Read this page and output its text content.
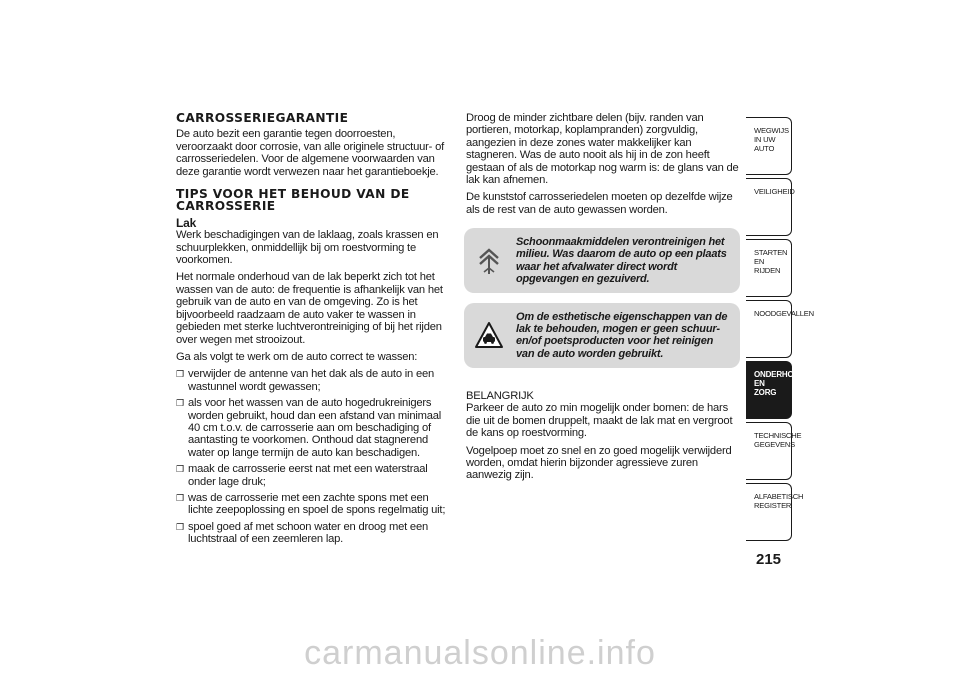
CARROSSERIEGARANTIE

De auto bezit een garantie tegen doorroesten, veroorzaakt door corrosie, van alle originele structuur- of carrosseriedelen. Voor de algemene voorwaarden van deze garantie wordt verwezen naar het garantieboekje.

TIPS VOOR HET BEHOUD VAN DE CARROSSERIE
Lak

Werk beschadigingen van de laklaag, zoals krassen en schuurplekken, onmiddellijk bij om roestvorming te voorkomen.

Het normale onderhoud van de lak beperkt zich tot het wassen van de auto: de frequentie is afhankelijk van het gebruik van de auto en van de omgeving. Zo is het bijvoorbeeld raadzaam de auto vaker te wassen in gebieden met sterke luchtverontreiniging of bij het rijden over wegen met strooizout.

Ga als volgt te werk om de auto correct te wassen:

❒ verwijder de antenne van het dak als de auto in een wastunnel wordt gewassen;
❒ als voor het wassen van de auto hogedrukreinigers worden gebruikt, houd dan een afstand van minimaal 40 cm t.o.v. de carrosserie aan om beschadiging of aantasting te voorkomen. Onthoud dat stagnerend water op lange termijn de auto kan beschadigen.
❒ maak de carrosserie eerst nat met een waterstraal onder lage druk;
❒ was de carrosserie met een zachte spons met een lichte zeepoplossing en spoel de spons regelmatig uit;
❒ spoel goed af met schoon water en droog met een luchtstraal of een zeemleren lap.

Droog de minder zichtbare delen (bijv. randen van portieren, motorkap, koplampranden) zorgvuldig, aangezien in deze zones water makkelijker kan stagneren. Was de auto nooit als hij in de zon heeft gestaan of als de motorkap nog warm is: de glans van de lak kan afnemen.

De kunststof carrosseriedelen moeten op dezelfde wijze als de rest van de auto gewassen worden.

Schoonmaakmiddelen verontreinigen het milieu. Was daarom de auto op een plaats waar het afvalwater direct wordt opgevangen en gezuiverd.
Om de esthetische eigenschappen van de lak te behouden, mogen er geen schuur- en/of poetsproducten voor het reinigen van de auto worden gebruikt.

BELANGRIJK

Parkeer de auto zo min mogelijk onder bomen: de hars die uit de bomen druppelt, maakt de lak mat en vergroot de kans op roestvorming.

Vogelpoep moet zo snel en zo goed mogelijk verwijderd worden, omdat hierin bijzonder agressieve zuren aanwezig zijn.

WEGWIJS IN UW AUTO
VEILIGHEID
STARTEN EN RIJDEN
NOODGEVALLEN
ONDERHOUD EN ZORG
TECHNISCHE GEGEVENS
ALFABETISCH REGISTER
215
carmanualsonline.info
